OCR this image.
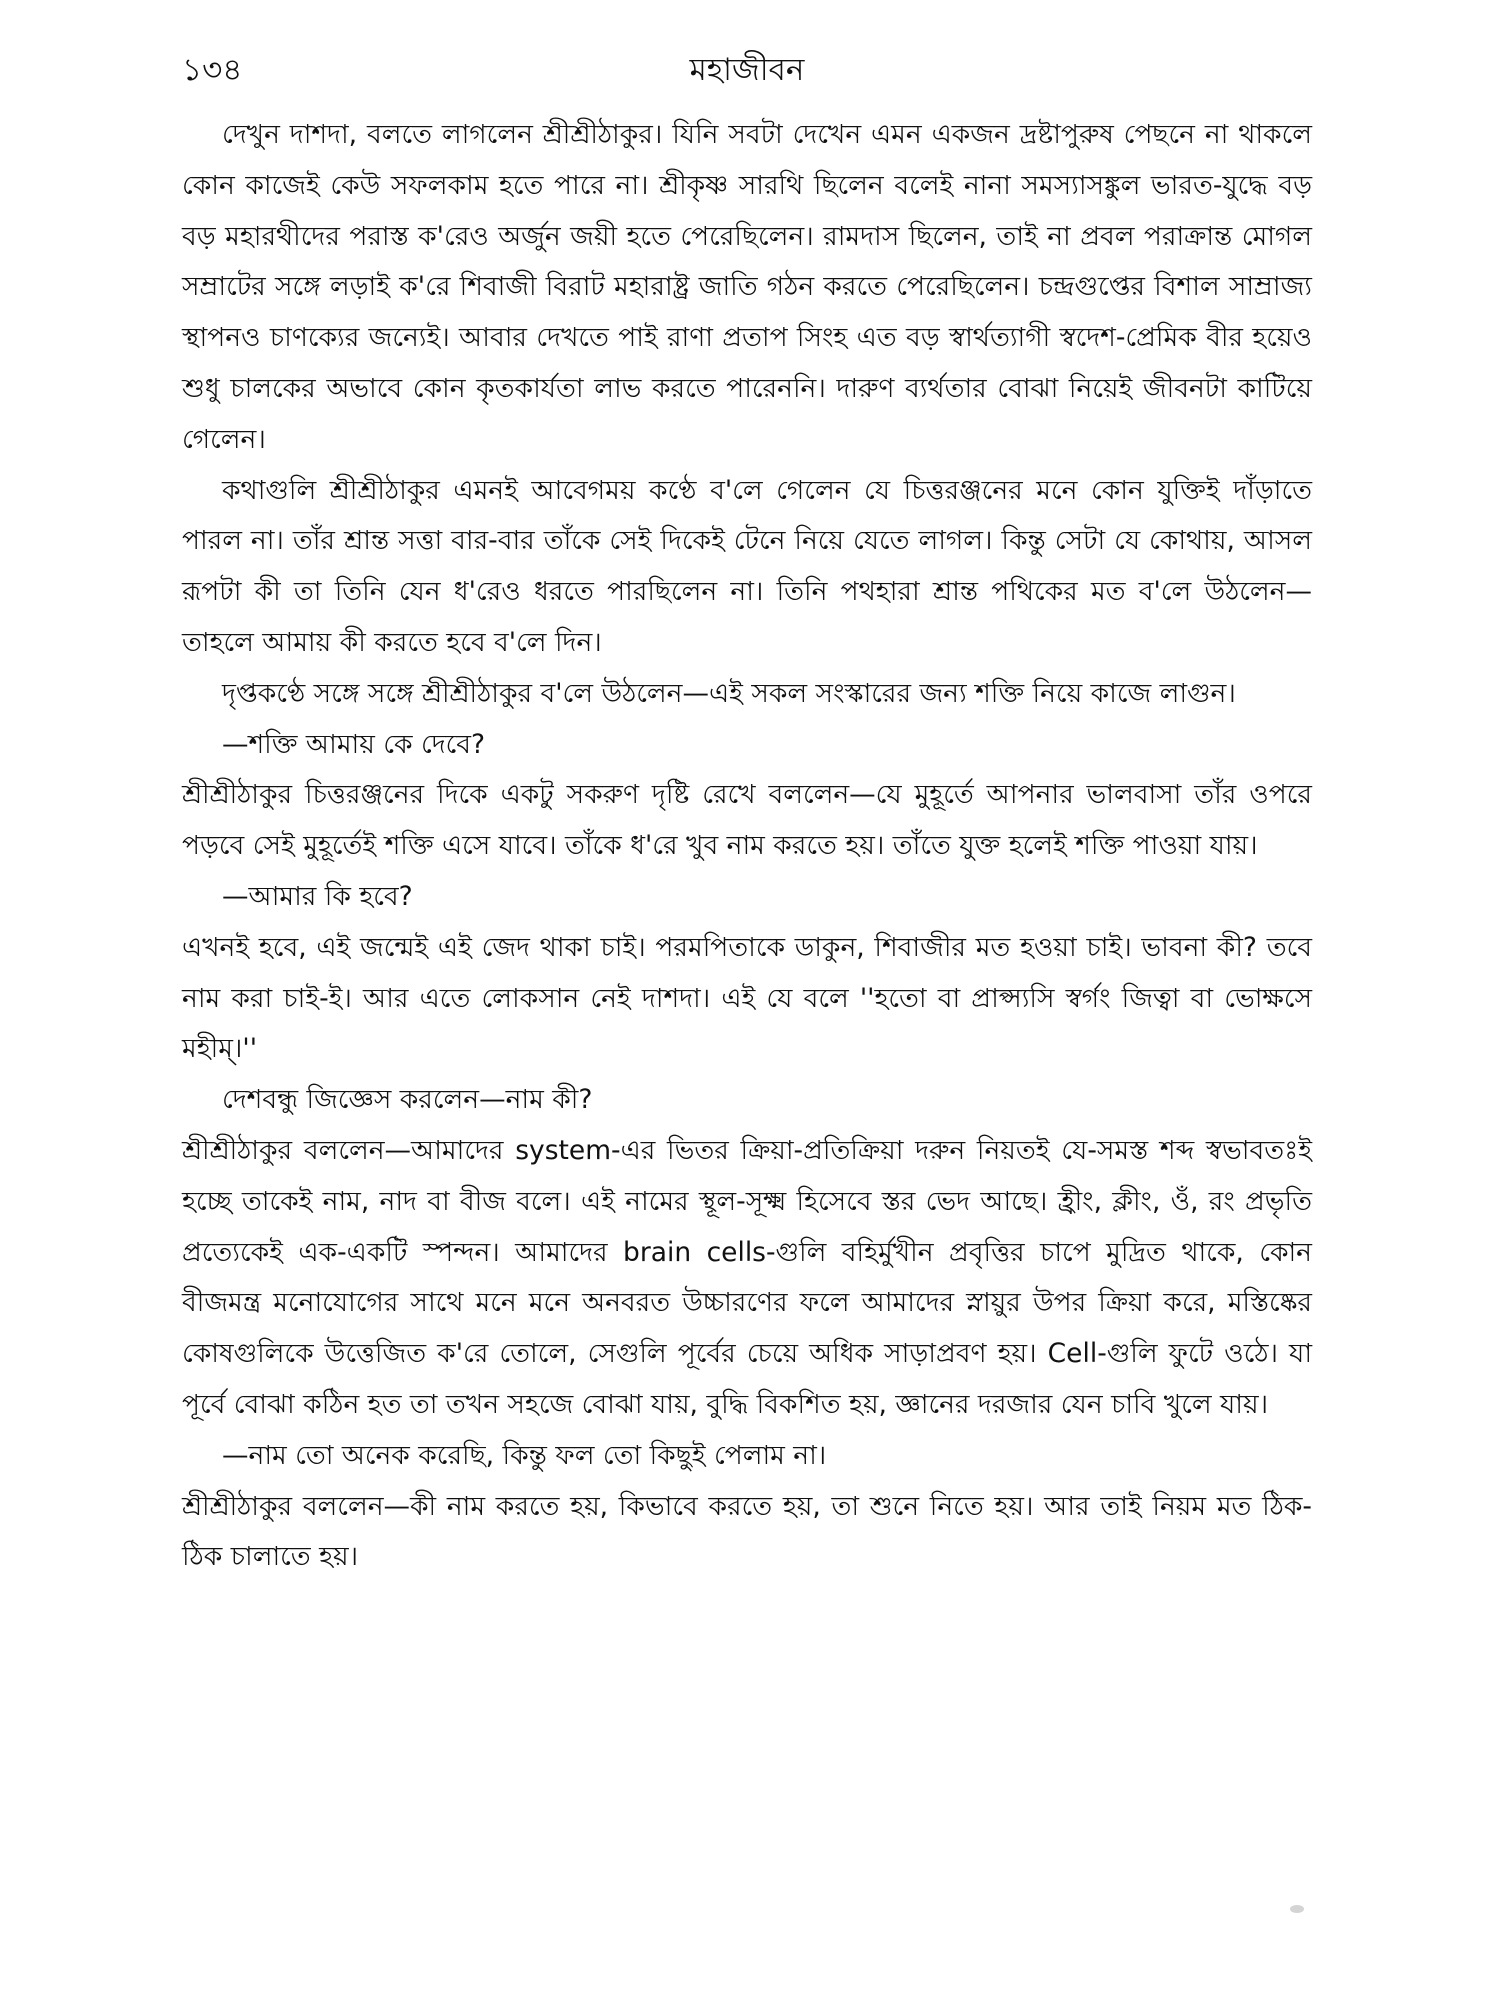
১৩৪	মহাজীবন

দেখুন দাশদা, বলতে লাগলেন শ্রীশ্রীঠাকুর। যিনি সবটা দেখেন এমন একজন দ্রষ্টাপুরুষ পেছনে না থাকলে কোন কাজেই কেউ সফলকাম হতে পারে না। শ্রীকৃষ্ণ সারথি ছিলেন বলেই নানা সমস্যাসঙ্কুল ভারত-যুদ্ধে বড় বড় মহারথীদের পরাস্ত ক'রেও অর্জুন জয়ী হতে পেরেছিলেন। রামদাস ছিলেন, তাই না প্রবল পরাক্রান্ত মোগল সম্রাটের সঙ্গে লড়াই ক'রে শিবাজী বিরাট মহারাষ্ট্র জাতি গঠন করতে পেরেছিলেন। চন্দ্রগুপ্তের বিশাল সাম্রাজ্য স্থাপনও চাণক্যের জন্যেই। আবার দেখতে পাই রাণা প্রতাপ সিংহ এত বড় স্বার্থত্যাগী স্বদেশ-প্রেমিক বীর হয়েও শুধু চালকের অভাবে কোন কৃতকার্যতা লাভ করতে পারেননি। দারুণ ব্যর্থতার বোঝা নিয়েই জীবনটা কাটিয়ে গেলেন।

কথাগুলি শ্রীশ্রীঠাকুর এমনই আবেগময় কণ্ঠে ব'লে গেলেন যে চিত্তরঞ্জনের মনে কোন যুক্তিই দাঁড়াতে পারল না। তাঁর শ্রান্ত সত্তা বার-বার তাঁকে সেই দিকেই টেনে নিয়ে যেতে লাগল। কিন্তু সেটা যে কোথায়, আসল রূপটা কী তা তিনি যেন ধ'রেও ধরতে পারছিলেন না। তিনি পথহারা শ্রান্ত পথিকের মত ব'লে উঠলেন—তাহলে আমায় কী করতে হবে ব'লে দিন।

দৃপ্তকণ্ঠে সঙ্গে সঙ্গে শ্রীশ্রীঠাকুর ব'লে উঠলেন—এই সকল সংস্কারের জন্য শক্তি নিয়ে কাজে লাগুন।

—শক্তি আমায় কে দেবে?

শ্রীশ্রীঠাকুর চিত্তরঞ্জনের দিকে একটু সকরুণ দৃষ্টি রেখে বললেন—যে মুহূর্তে আপনার ভালবাসা তাঁর ওপরে পড়বে সেই মুহূর্তেই শক্তি এসে যাবে। তাঁকে ধ'রে খুব নাম করতে হয়। তাঁতে যুক্ত হলেই শক্তি পাওয়া যায়।

—আমার কি হবে?

এখনই হবে, এই জন্মেই এই জেদ থাকা চাই। পরমপিতাকে ডাকুন, শিবাজীর মত হওয়া চাই। ভাবনা কী? তবে নাম করা চাই-ই। আর এতে লোকসান নেই দাশদা। এই যে বলে ''হতো বা প্রাপ্স্যসি স্বর্গং জিত্বা বা ভোক্ষসে মহীম্।''

দেশবন্ধু জিজ্ঞেস করলেন—নাম কী?

শ্রীশ্রীঠাকুর বললেন—আমাদের system-এর ভিতর ক্রিয়া-প্রতিক্রিয়া দরুন নিয়তই যে-সমস্ত শব্দ স্বভাবতঃই হচ্ছে তাকেই নাম, নাদ বা বীজ বলে। এই নামের স্থূল-সূক্ষ্ম হিসেবে স্তর ভেদ আছে। হ্রীং, ক্লীং, ওঁ, রং প্রভৃতি প্রত্যেকেই এক-একটি স্পন্দন। আমাদের brain cells-গুলি বহির্মুখীন প্রবৃত্তির চাপে মুদ্রিত থাকে, কোন বীজমন্ত্র মনোযোগের সাথে মনে মনে অনবরত উচ্চারণের ফলে আমাদের স্নায়ুর উপর ক্রিয়া করে, মস্তিষ্কের কোষগুলিকে উত্তেজিত ক'রে তোলে, সেগুলি পূর্বের চেয়ে অধিক সাড়াপ্রবণ হয়। Cell-গুলি ফুটে ওঠে। যা পূর্বে বোঝা কঠিন হত তা তখন সহজে বোঝা যায়, বুদ্ধি বিকশিত হয়, জ্ঞানের দরজার যেন চাবি খুলে যায়।

—নাম তো অনেক করেছি, কিন্তু ফল তো কিছুই পেলাম না।

শ্রীশ্রীঠাকুর বললেন—কী নাম করতে হয়, কিভাবে করতে হয়, তা শুনে নিতে হয়। আর তাই নিয়ম মত ঠিক-ঠিক চালাতে হয়।
